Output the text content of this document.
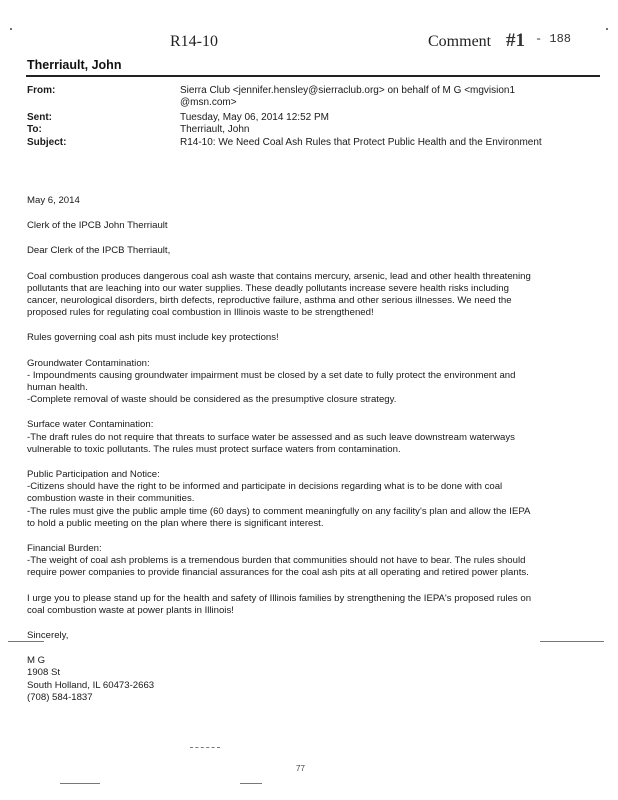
R14-10	Comment #1 - 188
Therriault, John
From:	Sierra Club <jennifer.hensley@sierraclub.org> on behalf of M G <mgvision1
@msn.com>
Sent:	Tuesday, May 06, 2014 12:52 PM
To:	Therriault, John
Subject:	R14-10: We Need Coal Ash Rules that Protect Public Health and the Environment

May 6, 2014

Clerk of the IPCB John Therriault

Dear Clerk of the IPCB Therriault,

Coal combustion produces dangerous coal ash waste that contains mercury, arsenic, lead and other health threatening
pollutants that are leaching into our water supplies. These deadly pollutants increase severe health risks including
cancer, neurological disorders, birth defects, reproductive failure, asthma and other serious illnesses. We need the
proposed rules for regulating coal combustion in Illinois waste to be strengthened!

Rules governing coal ash pits must include key protections!

Groundwater Contamination:
- Impoundments causing groundwater impairment must be closed by a set date to fully protect the environment and
human health.
-Complete removal of waste should be considered as the presumptive closure strategy.

Surface water Contamination:
-The draft rules do not require that threats to surface water be assessed and as such leave downstream waterways
vulnerable to toxic pollutants. The rules must protect surface waters from contamination.

Public Participation and Notice:
-Citizens should have the right to be informed and participate in decisions regarding what is to be done with coal
combustion waste in their communities.
-The rules must give the public ample time (60 days) to comment meaningfully on any facility's plan and allow the IEPA
to hold a public meeting on the plan where there is significant interest.

Financial Burden:
-The weight of coal ash problems is a tremendous burden that communities should not have to bear. The rules should
require power companies to provide financial assurances for the coal ash pits at all operating and retired power plants.

I urge you to please stand up for the health and safety of Illinois families by strengthening the IEPA's proposed rules on
coal combustion waste at power plants in Illinois!

Sincerely,

M G
1908 St
South Holland, IL 60473-2663
(708) 584-1837

77
